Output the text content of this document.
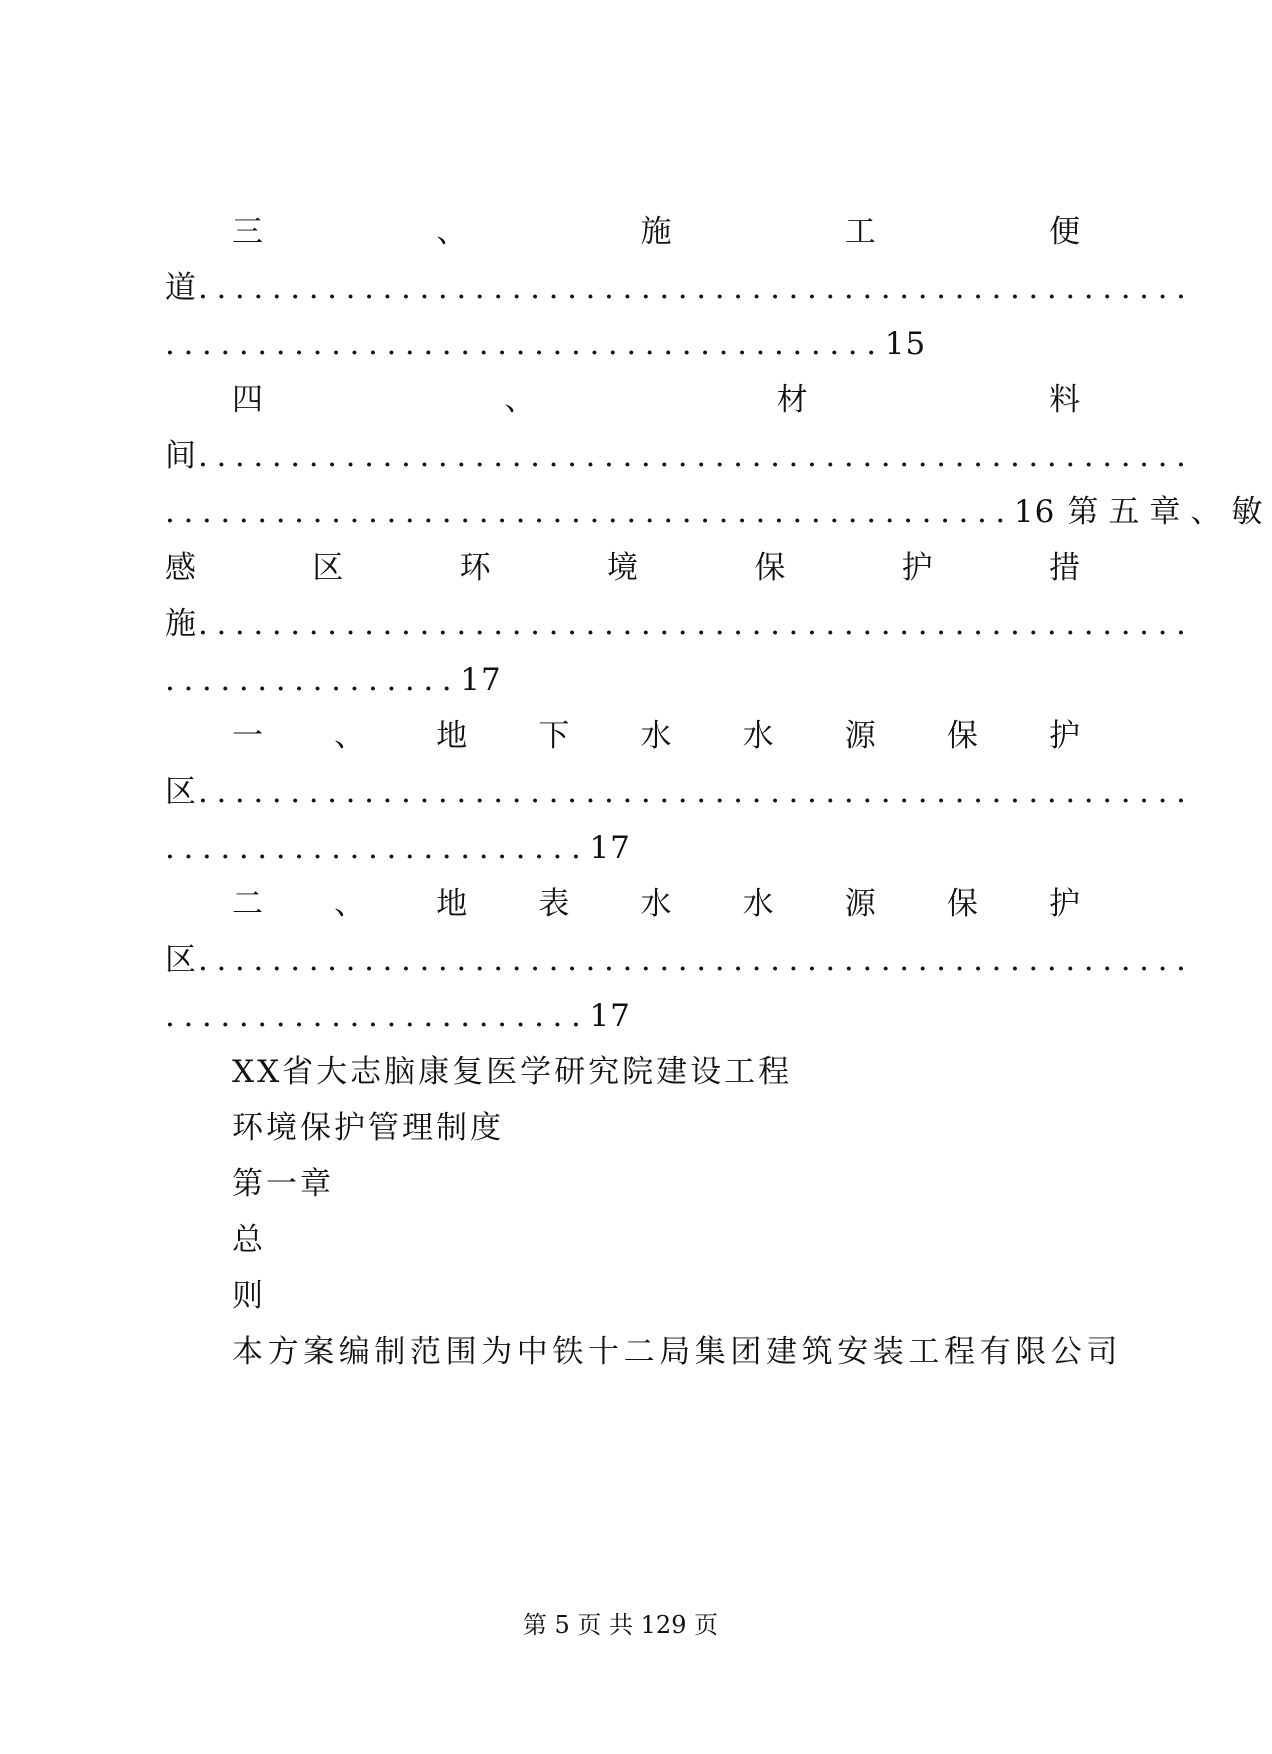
三	、	施	工	便
道......................................................
.......................................15
四	、	材	料
间......................................................
..............................................16 第五章、敏
感	区	环	境	保	护	措
施......................................................
................17
一 、 地 下 水 水 源 保 护
区......................................................
.......................17
二 、 地 表 水 水 源 保 护
区......................................................
.......................17
XX省大志脑康复医学研究院建设工程
环境保护管理制度
第一章
总
则
本方案编制范围为中铁十二局集团建筑安装工程有限公司
第 5 页 共 129 页
